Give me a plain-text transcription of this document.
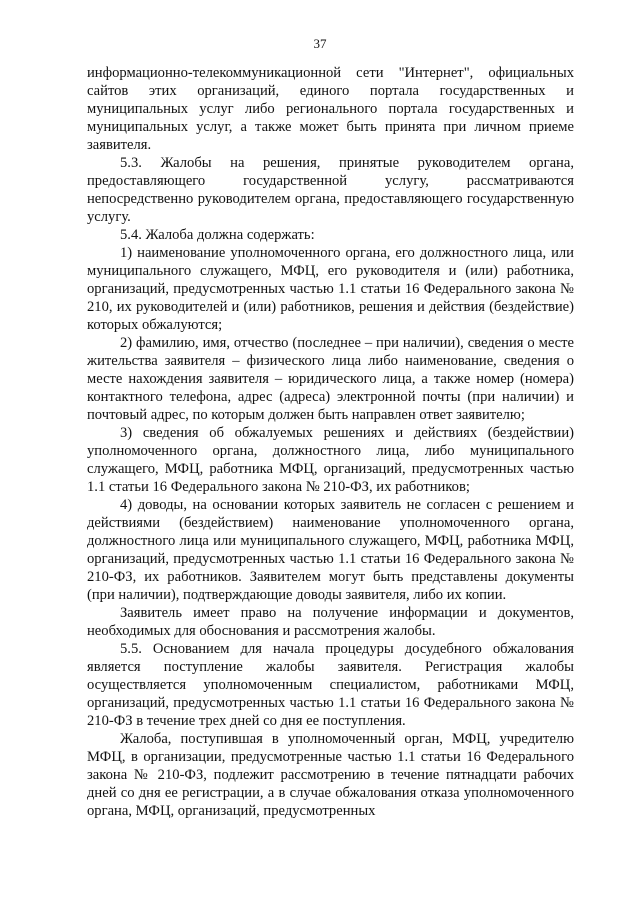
37

информационно-телекоммуникационной сети "Интернет", официальных сайтов этих организаций, единого портала государственных и муниципальных услуг либо регионального портала государственных и муниципальных услуг, а также может быть принята при личном приеме заявителя.

5.3. Жалобы на решения, принятые руководителем органа, предоставляющего государственной услугу, рассматриваются непосредственно руководителем органа, предоставляющего государственную услугу.

5.4. Жалоба должна содержать:

1) наименование уполномоченного органа, его должностного лица, или муниципального служащего, МФЦ, его руководителя и (или) работника, организаций, предусмотренных частью 1.1 статьи 16 Федерального закона № 210, их руководителей и (или) работников, решения и действия (бездействие) которых обжалуются;

2) фамилию, имя, отчество (последнее – при наличии), сведения о месте жительства заявителя – физического лица либо наименование, сведения о месте нахождения заявителя – юридического лица, а также номер (номера) контактного телефона, адрес (адреса) электронной почты (при наличии) и почтовый адрес, по которым должен быть направлен ответ заявителю;

3) сведения об обжалуемых решениях и действиях (бездействии) уполномоченного органа, должностного лица, либо муниципального служащего, МФЦ, работника МФЦ, организаций, предусмотренных частью 1.1 статьи 16 Федерального закона № 210-ФЗ, их работников;

4) доводы, на основании которых заявитель не согласен с решением и действиями (бездействием) наименование уполномоченного органа, должностного лица или муниципального служащего, МФЦ, работника МФЦ, организаций, предусмотренных частью 1.1 статьи 16 Федерального закона № 210-ФЗ, их работников. Заявителем могут быть представлены документы (при наличии), подтверждающие доводы заявителя, либо их копии.

Заявитель имеет право на получение информации и документов, необходимых для обоснования и рассмотрения жалобы.

5.5. Основанием для начала процедуры досудебного обжалования является поступление жалобы заявителя. Регистрация жалобы осуществляется уполномоченным специалистом, работниками МФЦ, организаций, предусмотренных частью 1.1 статьи 16 Федерального закона № 210-ФЗ в течение трех дней со дня ее поступления.

Жалоба, поступившая в уполномоченный орган, МФЦ, учредителю МФЦ, в организации, предусмотренные частью 1.1 статьи 16 Федерального закона № 210-ФЗ, подлежит рассмотрению в течение пятнадцати рабочих дней со дня ее регистрации, а в случае обжалования отказа уполномоченного органа, МФЦ, организаций, предусмотренных
